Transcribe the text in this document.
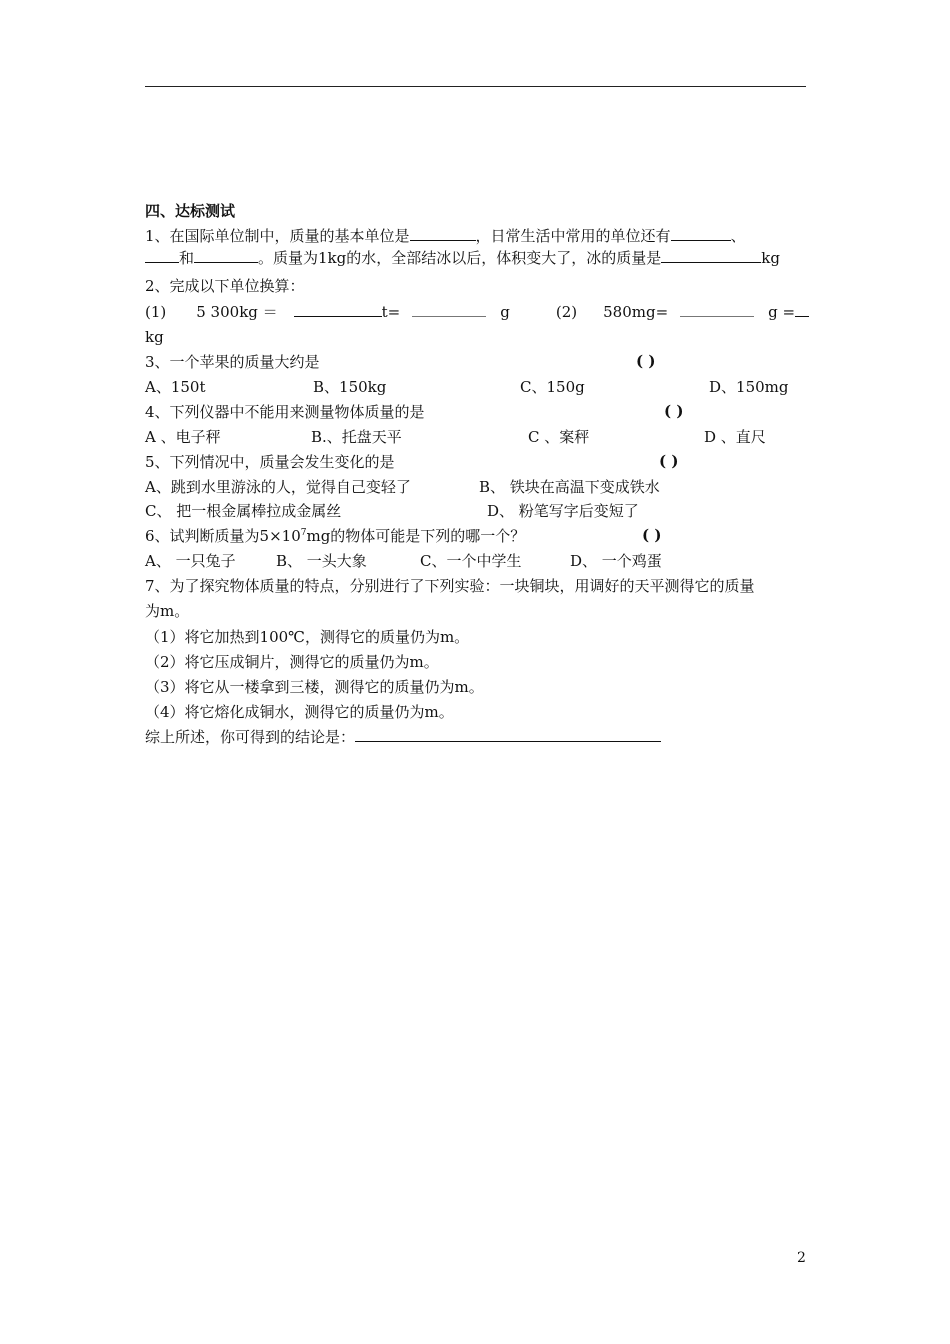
四、达标测试
1、在国际单位制中，质量的基本单位是	，日常生活中常用的单位还有	、
和	。质量为1kg的水，全部结冰以后，体积变大了，冰的质量是	kg
2、完成以下单位换算：
(1) 5 300kg ＝	t=	g	(2) 580mg=	g =
kg
3、一个苹果的质量大约是	( )
A、150t	B、150kg	C、150g	D、150mg
4、下列仪器中不能用来测量物体质量的是	( )
A 、电子秤	B.、托盘天平	C 、案秤	D 、直尺
5、下列情况中，质量会发生变化的是	( )
A、跳到水里游泳的人，觉得自己变轻了	B、 铁块在高温下变成铁水
C、 把一根金属棒拉成金属丝	D、 粉笔写字后变短了
6、试判断质量为$5\times 10^7mg$的物体可能是下列的哪一个？	( )
A、 一只兔子	B、 一头大象	C、一个中学生	D、 一个鸡蛋
7、为了探究物体质量的特点，分别进行了下列实验：一块铜块，用调好的天平测得它的质量
为m。
（1）将它加热到100℃，测得它的质量仍为m。
（2）将它压成铜片，测得它的质量仍为m。
（3）将它从一楼拿到三楼，测得它的质量仍为m。
（4）将它熔化成铜水，测得它的质量仍为m。
综上所述，你可得到的结论是：
2
